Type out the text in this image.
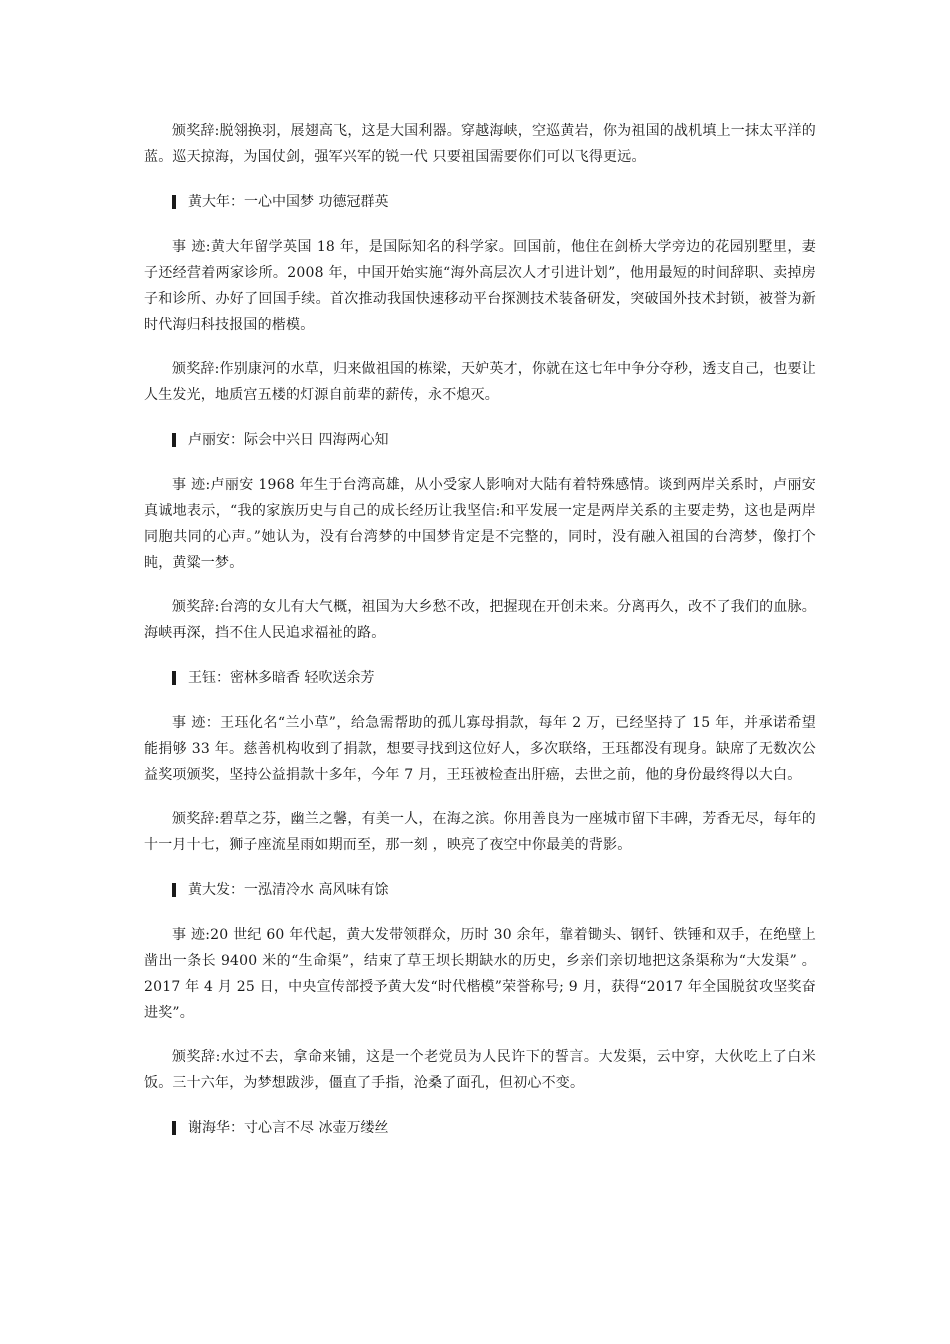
颁奖辞:脱翎换羽，展翅高飞，这是大国利器。穿越海峡，空巡黄岩，你为祖国的战机填上一抹太平洋的蓝。巡天掠海，为国仗剑，强军兴军的锐一代 只要祖国需要你们可以飞得更远。

黄大年：一心中国梦 功德冠群英

事 迹:黄大年留学英国 18 年，是国际知名的科学家。回国前，他住在剑桥大学旁边的花园别墅里，妻子还经营着两家诊所。2008 年，中国开始实施“海外高层次人才引进计划”，他用最短的时间辞职、卖掉房子和诊所、办好了回国手续。首次推动我国快速移动平台探测技术装备研发，突破国外技术封锁，被誉为新时代海归科技报国的楷模。

颁奖辞:作别康河的水草，归来做祖国的栋梁，天妒英才，你就在这七年中争分夺秒，透支自己，也要让人生发光，地质宫五楼的灯源自前辈的薪传，永不熄灭。

卢丽安：际会中兴日 四海两心知

事 迹:卢丽安 1968 年生于台湾高雄，从小受家人影响对大陆有着特殊感情。谈到两岸关系时，卢丽安真诚地表示，“我的家族历史与自己的成长经历让我坚信:和平发展一定是两岸关系的主要走势，这也是两岸同胞共同的心声。”她认为，没有台湾梦的中国梦肯定是不完整的，同时，没有融入祖国的台湾梦，像打个盹，黄粱一梦。

颁奖辞:台湾的女儿有大气概，祖国为大乡愁不改，把握现在开创未来。分离再久，改不了我们的血脉。海峡再深，挡不住人民追求福祉的路。

王钰：密林多暗香 轻吹送余芳

事 迹：王珏化名“兰小草”，给急需帮助的孤儿寡母捐款，每年 2 万，已经坚持了 15 年，并承诺希望能捐够 33 年。慈善机构收到了捐款，想要寻找到这位好人，多次联络，王珏都没有现身。缺席了无数次公益奖项颁奖，坚持公益捐款十多年，今年 7 月，王珏被检查出肝癌，去世之前，他的身份最终得以大白。

颁奖辞:碧草之芬，幽兰之馨，有美一人，在海之滨。你用善良为一座城市留下丰碑，芳香无尽，每年的十一月十七，狮子座流星雨如期而至，那一刻 ，映亮了夜空中你最美的背影。

黄大发：一泓清冷水 高风味有馀

事 迹:20 世纪 60 年代起，黄大发带领群众，历时 30 余年，靠着锄头、钢钎、铁锤和双手，在绝壁上凿出一条长 9400 米的“生命渠”，结束了草王坝长期缺水的历史，乡亲们亲切地把这条渠称为“大发渠” 。2017 年 4 月 25 日，中央宣传部授予黄大发“时代楷模”荣誉称号; 9 月，获得“2017 年全国脱贫攻坚奖奋进奖”。

颁奖辞:水过不去，拿命来铺，这是一个老党员为人民许下的誓言。大发渠，云中穿，大伙吃上了白米饭。三十六年，为梦想跋涉，僵直了手指，沧桑了面孔，但初心不变。

谢海华：寸心言不尽 冰壶万缕丝
